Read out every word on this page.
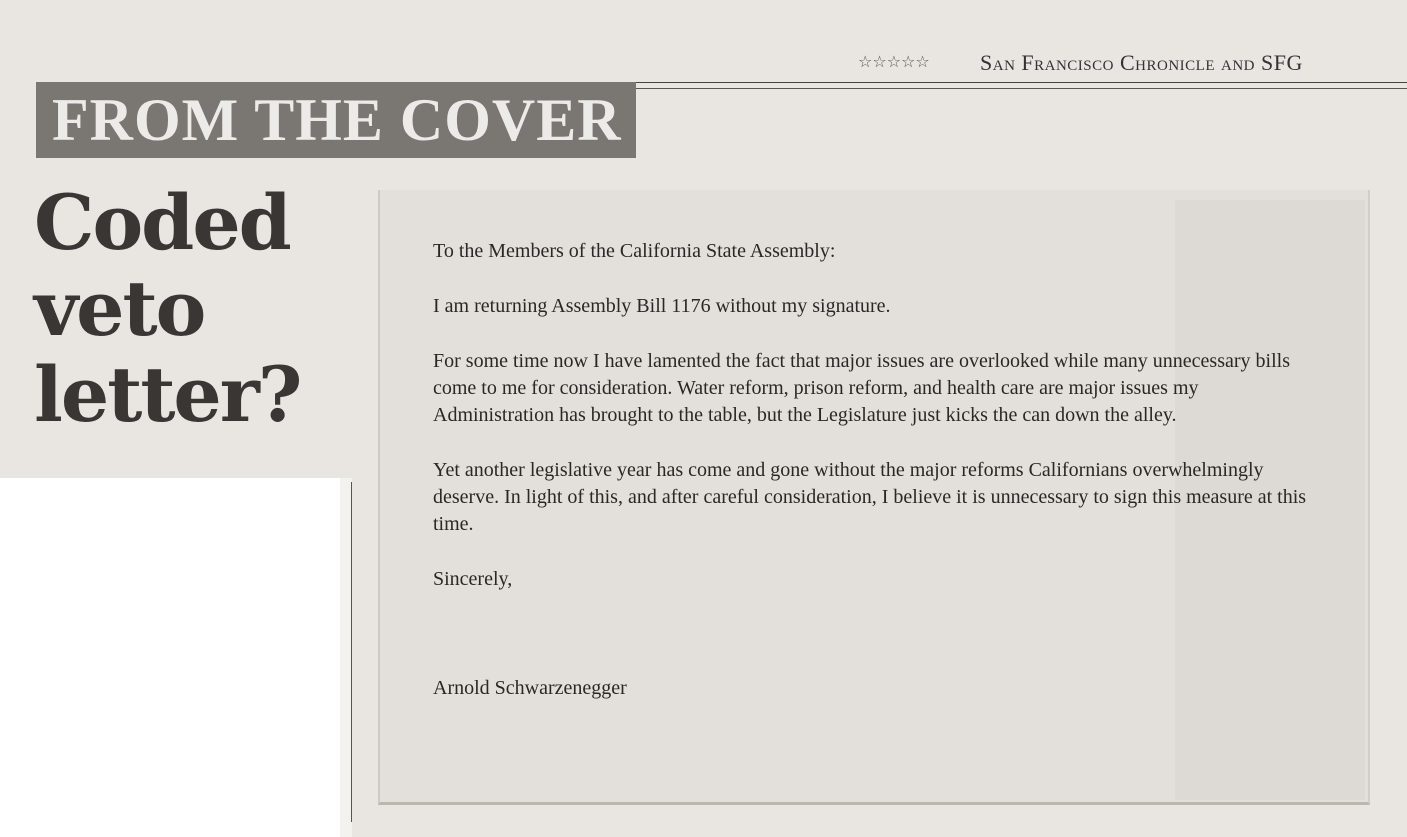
☆☆☆☆☆ San Francisco Chronicle and SFG
FROM THE COVER
Coded
veto
letter?

To the Members of the California State Assembly:

I am returning Assembly Bill 1176 without my signature.

For some time now I have lamented the fact that major issues are overlooked while many unnecessary bills come to me for consideration. Water reform, prison reform, and health care are major issues my Administration has brought to the table, but the Legislature just kicks the can down the alley.

Yet another legislative year has come and gone without the major reforms Californians overwhelmingly deserve. In light of this, and after careful consideration, I believe it is unnecessary to sign this measure at this time.

Sincerely,

Arnold Schwarzenegger
